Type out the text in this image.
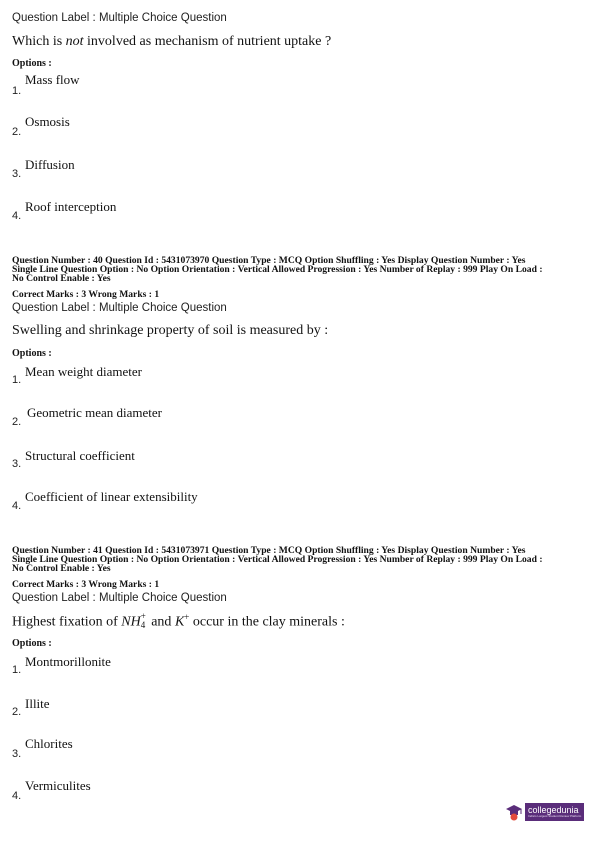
Question Label : Multiple Choice Question
Which is not involved as mechanism of nutrient uptake ?
Options :
1.
Mass flow
2.
Osmosis
3.
Diffusion
4.
Roof interception
Question Number : 40 Question Id : 5431073970 Question Type : MCQ Option Shuffling : Yes Display Question Number : Yes
Single Line Question Option : No Option Orientation : Vertical Allowed Progression : Yes Number of Replay : 999 Play On Load :
No Control Enable : Yes
Correct Marks : 3 Wrong Marks : 1
Question Label : Multiple Choice Question
Swelling and shrinkage property of soil is measured by :
Options :
1.
Mean weight diameter
2.
Geometric mean diameter
3.
Structural coefficient
4.
Coefficient of linear extensibility
Question Number : 41 Question Id : 5431073971 Question Type : MCQ Option Shuffling : Yes Display Question Number : Yes
Single Line Question Option : No Option Orientation : Vertical Allowed Progression : Yes Number of Replay : 999 Play On Load :
No Control Enable : Yes
Correct Marks : 3 Wrong Marks : 1
Question Label : Multiple Choice Question
Highest fixation of NH +
4 and K+ occur in the clay minerals :
Options :
1.
Montmorillonite
2.
Illite
3.
Chlorites
4.
Vermiculites
collegedunia
India's Largest Student Review Platform
